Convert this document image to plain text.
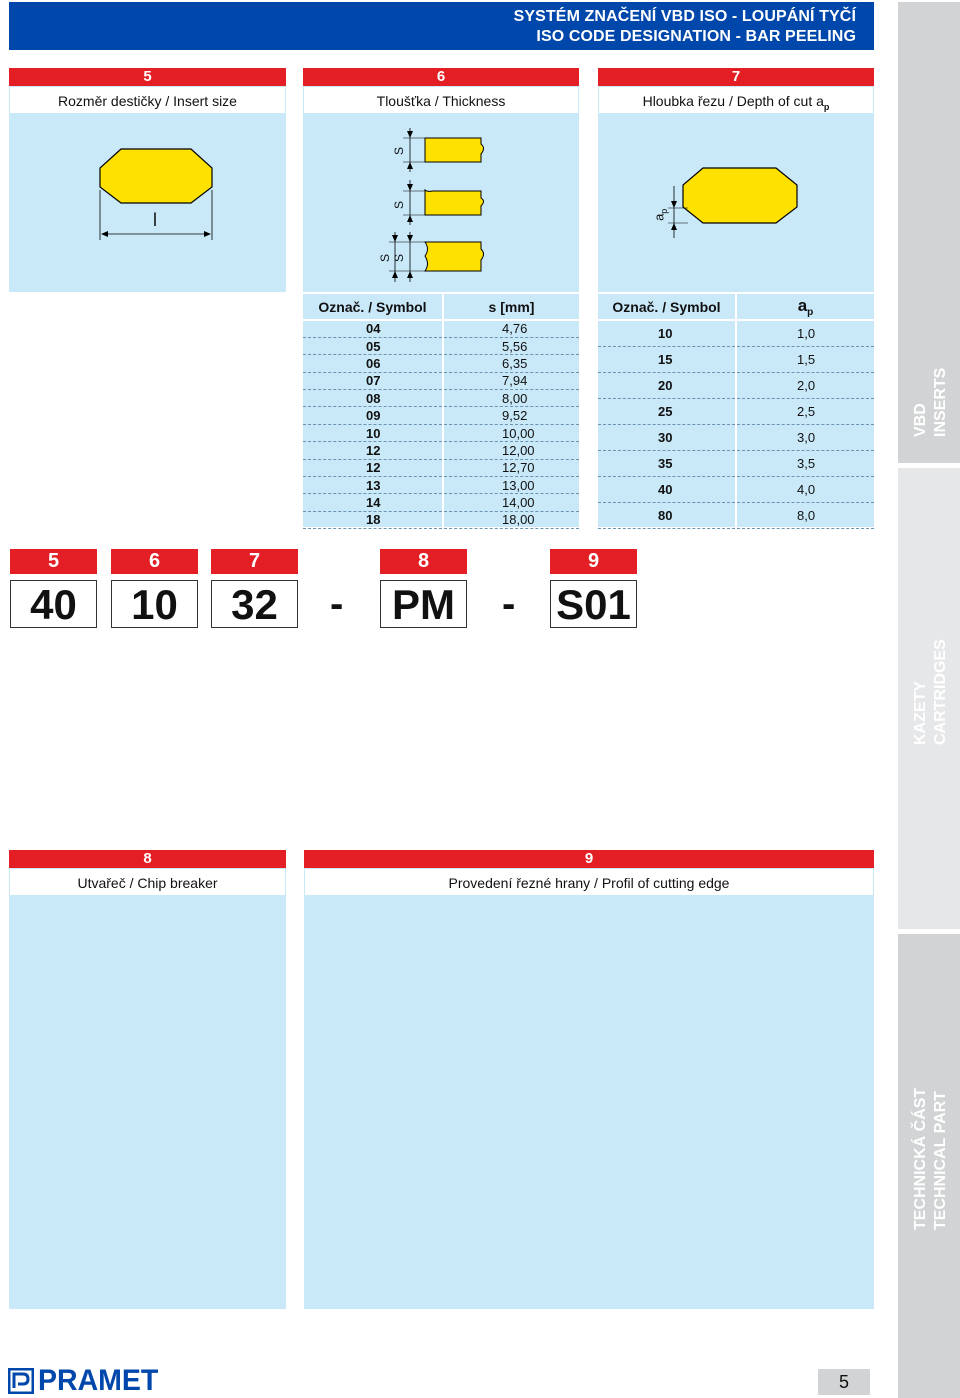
SYSTÉM ZNAČENÍ VBD ISO - LOUPÁNÍ TYČÍ
ISO CODE DESIGNATION - BAR PEELING
5
Rozměr destičky / Insert size
l
6
Tloušťka / Thickness
S
S
S
S
Označ. / Symbol	s [mm]
04	4,76
05	5,56
06	6,35
07	7,94
08	8,00
09	9,52
10	10,00
12	12,00
12	12,70
13	13,00
14	14,00
18	18,00
7
Hloubka řezu / Depth of cut $a_p$
$a_p$
Označ. / Symbol	$a_p$
10	1,0
15	1,5
20	2,0
25	2,5
30	3,0
35	3,5
40	4,0
80	8,0
5	6	7	8	9
40	10	32	- PM	- S01
8
Utvařeč / Chip breaker
9
Provedení řezné hrany / Profil of cutting edge
VBD INSERTS
KAZETY CARTRIDGES
TECHNICKÁ ČÁST TECHNICAL PART
PRAMET	5
